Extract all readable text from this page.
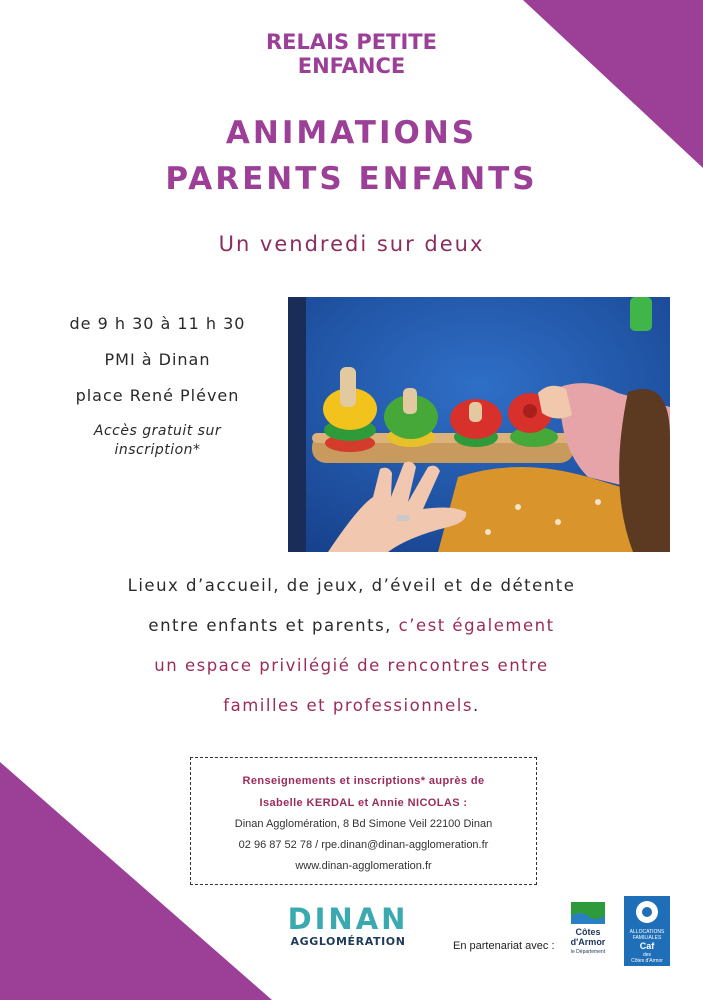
RELAIS PETITE
ENFANCE
ANIMATIONS
PARENTS ENFANTS
Un vendredi sur deux
de 9 h 30 à 11 h 30
PMI à Dinan
place René Pléven
Accès gratuit sur
inscription*
Lieux d’accueil, de jeux, d’éveil et de détente
entre enfants et parents, c’est également
un espace privilégié de rencontres entre
familles et professionnels.
Renseignements et inscriptions* auprès de
Isabelle KERDAL et Annie NICOLAS :
Dinan Agglomération, 8 Bd Simone Veil 22100 Dinan
02 96 87 52 78 / rpe.dinan@dinan-agglomeration.fr
www.dinan-agglomeration.fr
DINAN
AGGLOMÉRATION	En partenariat avec :
Côtes
d'Armor
le Département
ALLOCATIONS
FAMILIALES
Caf
des
Côtes d'Armor
